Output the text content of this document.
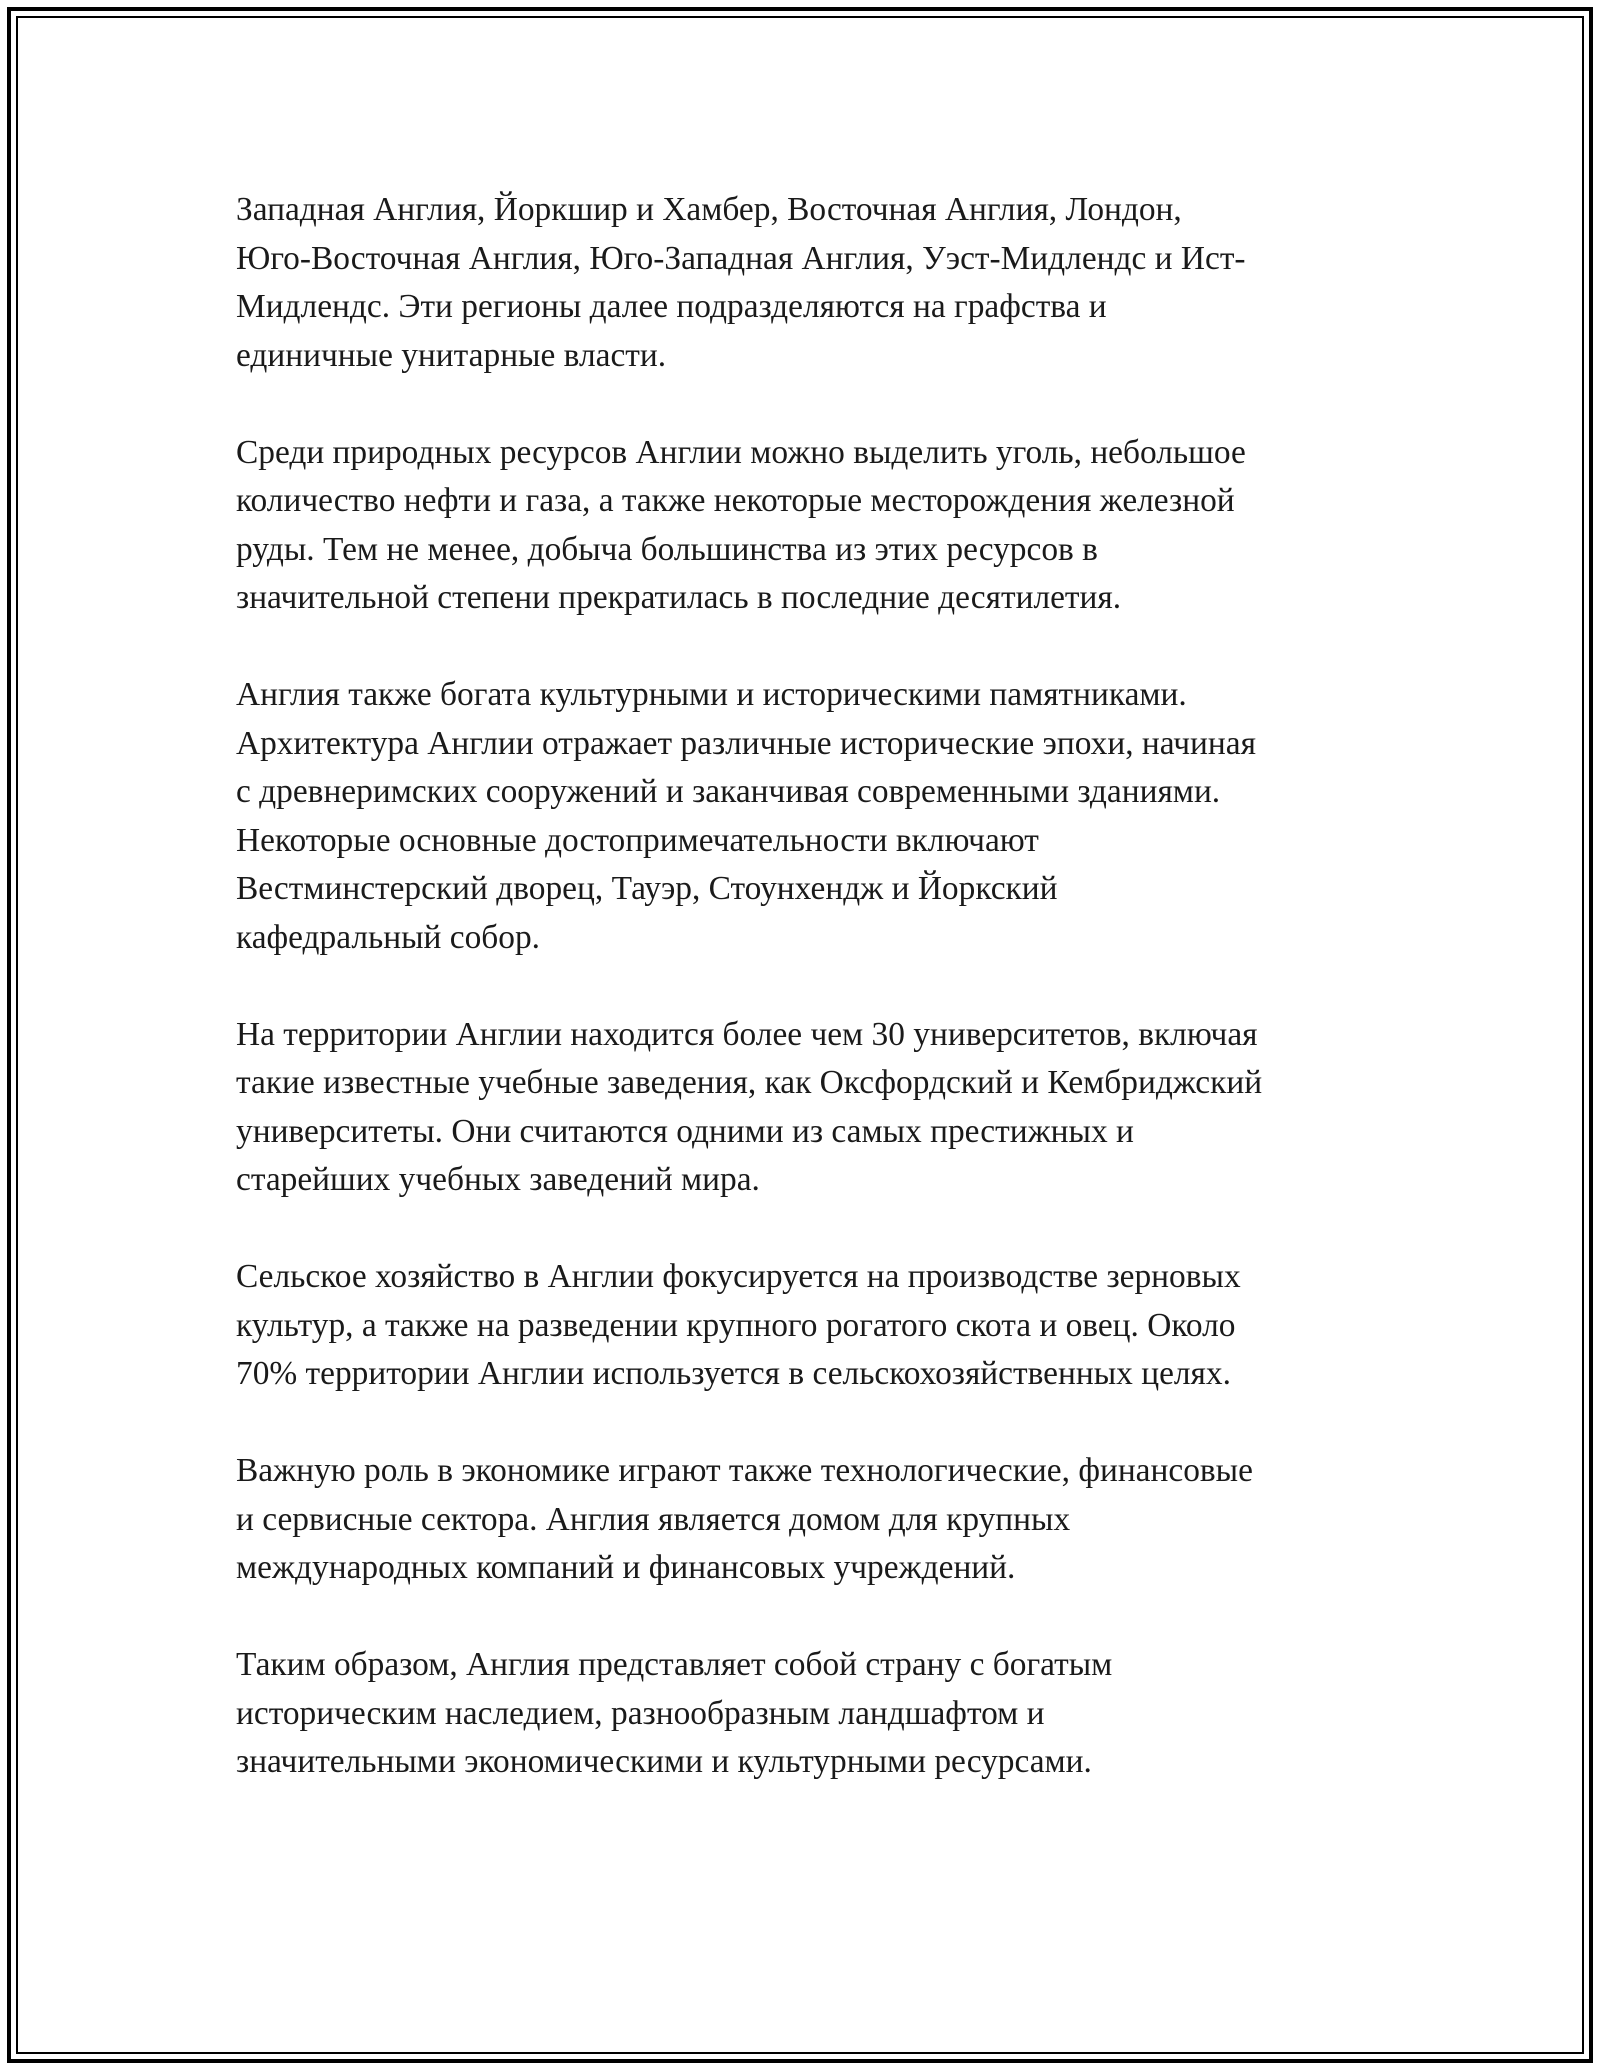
Западная Англия, Йоркшир и Хамбер, Восточная Англия, Лондон,
Юго-Восточная Англия, Юго-Западная Англия, Уэст-Мидлендс и Ист-
Мидлендс. Эти регионы далее подразделяются на графства и
единичные унитарные власти.

Среди природных ресурсов Англии можно выделить уголь, небольшое
количество нефти и газа, а также некоторые месторождения железной
руды. Тем не менее, добыча большинства из этих ресурсов в
значительной степени прекратилась в последние десятилетия.

Англия также богата культурными и историческими памятниками.
Архитектура Англии отражает различные исторические эпохи, начиная
с древнеримских сооружений и заканчивая современными зданиями.
Некоторые основные достопримечательности включают
Вестминстерский дворец, Тауэр, Стоунхендж и Йоркский
кафедральный собор.

На территории Англии находится более чем 30 университетов, включая
такие известные учебные заведения, как Оксфордский и Кембриджский
университеты. Они считаются одними из самых престижных и
старейших учебных заведений мира.

Сельское хозяйство в Англии фокусируется на производстве зерновых
культур, а также на разведении крупного рогатого скота и овец. Около
70% территории Англии используется в сельскохозяйственных целях.

Важную роль в экономике играют также технологические, финансовые
и сервисные сектора. Англия является домом для крупных
международных компаний и финансовых учреждений.

Таким образом, Англия представляет собой страну с богатым
историческим наследием, разнообразным ландшафтом и
значительными экономическими и культурными ресурсами.
